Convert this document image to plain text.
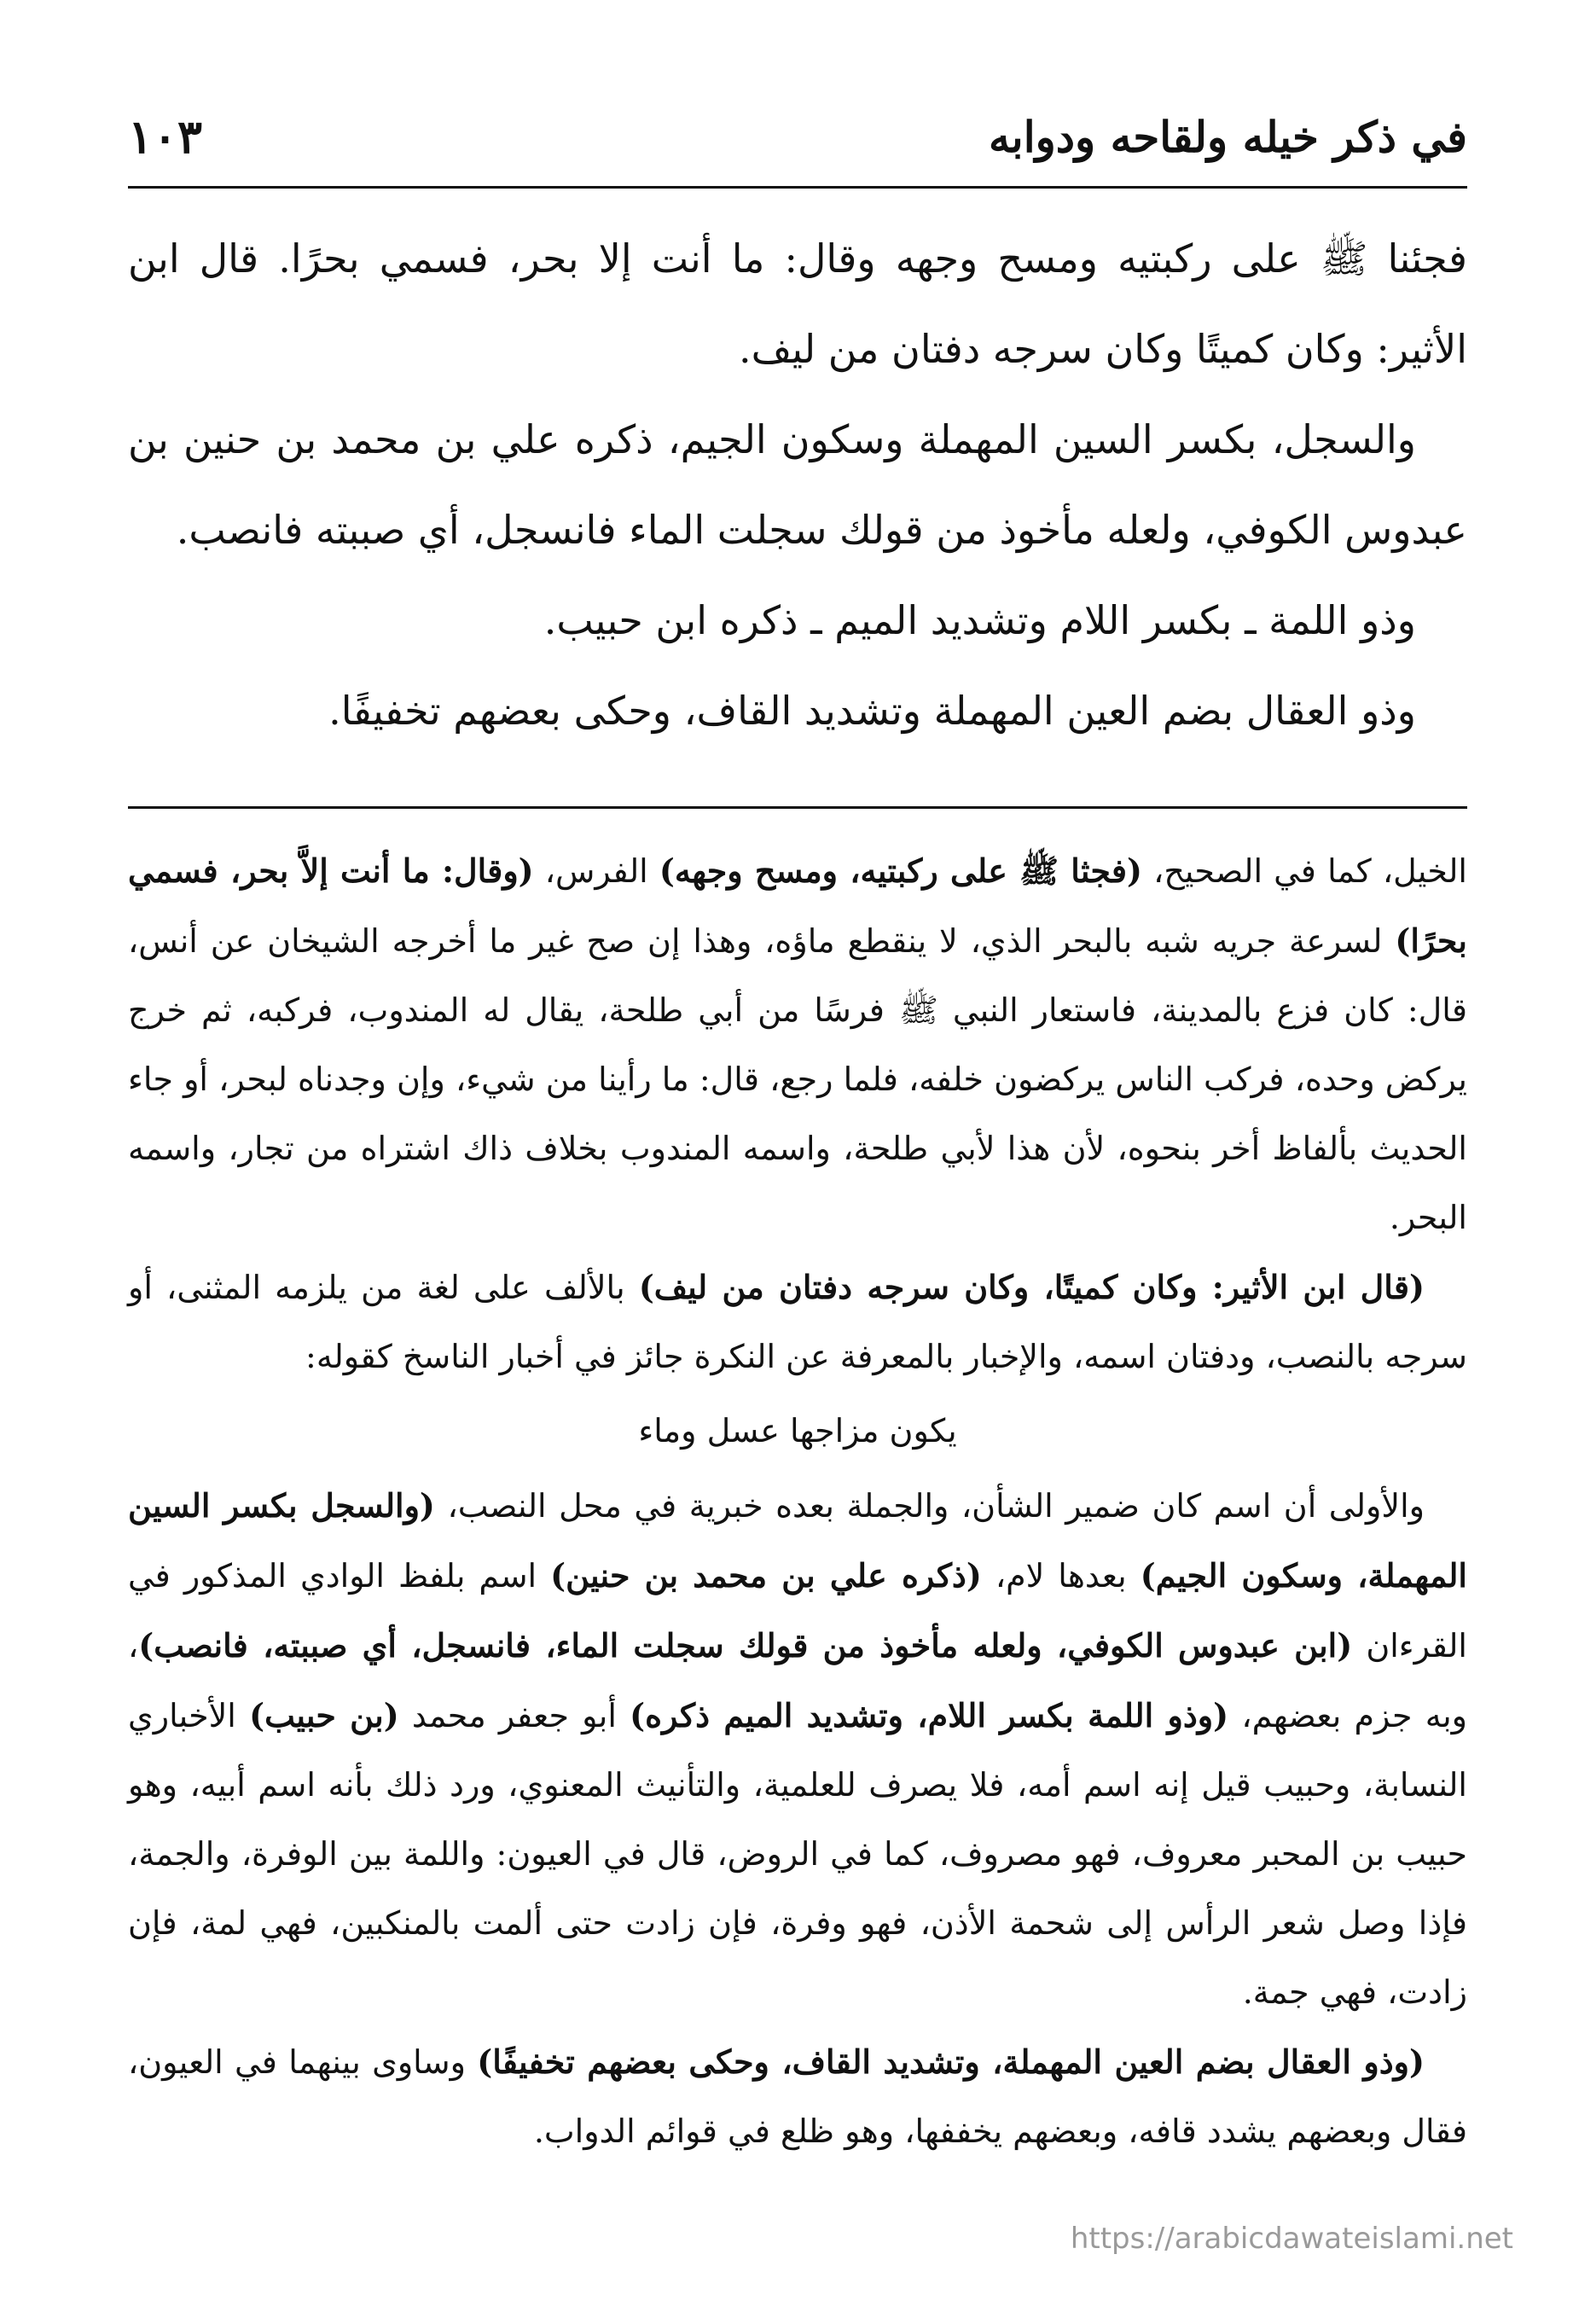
في ذكر خيله ولقاحه ودوابه
١٠٣

فجئنا ﷺ على ركبتيه ومسح وجهه وقال: ما أنت إلا بحر، فسمي بحرًا. قال ابن الأثير: وكان كميتًا وكان سرجه دفتان من ليف.

والسجل، بكسر السين المهملة وسكون الجيم، ذكره علي بن محمد بن حنين بن عبدوس الكوفي، ولعله مأخوذ من قولك سجلت الماء فانسجل، أي صببته فانصب.

وذو اللمة ـ بكسر اللام وتشديد الميم ـ ذكره ابن حبيب.

وذو العقال بضم العين المهملة وتشديد القاف، وحكى بعضهم تخفيفًا.

الخيل، كما في الصحيح، (فجثا ﷺ على ركبتيه، ومسح وجهه) الفرس، (وقال: ما أنت إلاَّ بحر، فسمي بحرًا) لسرعة جريه شبه بالبحر الذي، لا ينقطع ماؤه، وهذا إن صح غير ما أخرجه الشيخان عن أنس، قال: كان فزع بالمدينة، فاستعار النبي ﷺ فرسًا من أبي طلحة، يقال له المندوب، فركبه، ثم خرج يركض وحده، فركب الناس يركضون خلفه، فلما رجع، قال: ما رأينا من شيء، وإن وجدناه لبحر، أو جاء الحديث بألفاظ أخر بنحوه، لأن هذا لأبي طلحة، واسمه المندوب بخلاف ذاك اشتراه من تجار، واسمه البحر.

(قال ابن الأثير: وكان كميتًا، وكان سرجه دفتان من ليف) بالألف على لغة من يلزمه المثنى، أو سرجه بالنصب، ودفتان اسمه، والإخبار بالمعرفة عن النكرة جائز في أخبار الناسخ كقوله:

يكون مزاجها عسل وماء

والأولى أن اسم كان ضمير الشأن، والجملة بعده خبرية في محل النصب، (والسجل بكسر السين المهملة، وسكون الجيم) بعدها لام، (ذكره علي بن محمد بن حنين) اسم بلفظ الوادي المذكور في القرءان (ابن عبدوس الكوفي، ولعله مأخوذ من قولك سجلت الماء، فانسجل، أي صببته، فانصب)، وبه جزم بعضهم، (وذو اللمة بكسر اللام، وتشديد الميم ذكره) أبو جعفر محمد (بن حبيب) الأخباري النسابة، وحبيب قيل إنه اسم أمه، فلا يصرف للعلمية، والتأنيث المعنوي، ورد ذلك بأنه اسم أبيه، وهو حبيب بن المحبر معروف، فهو مصروف، كما في الروض، قال في العيون: واللمة بين الوفرة، والجمة، فإذا وصل شعر الرأس إلى شحمة الأذن، فهو وفرة، فإن زادت حتى ألمت بالمنكبين، فهي لمة، فإن زادت، فهي جمة.

(وذو العقال بضم العين المهملة، وتشديد القاف، وحكى بعضهم تخفيفًا) وساوى بينهما في العيون، فقال وبعضهم يشدد قافه، وبعضهم يخففها، وهو ظلع في قوائم الدواب.

https://arabicdawateislami.net
